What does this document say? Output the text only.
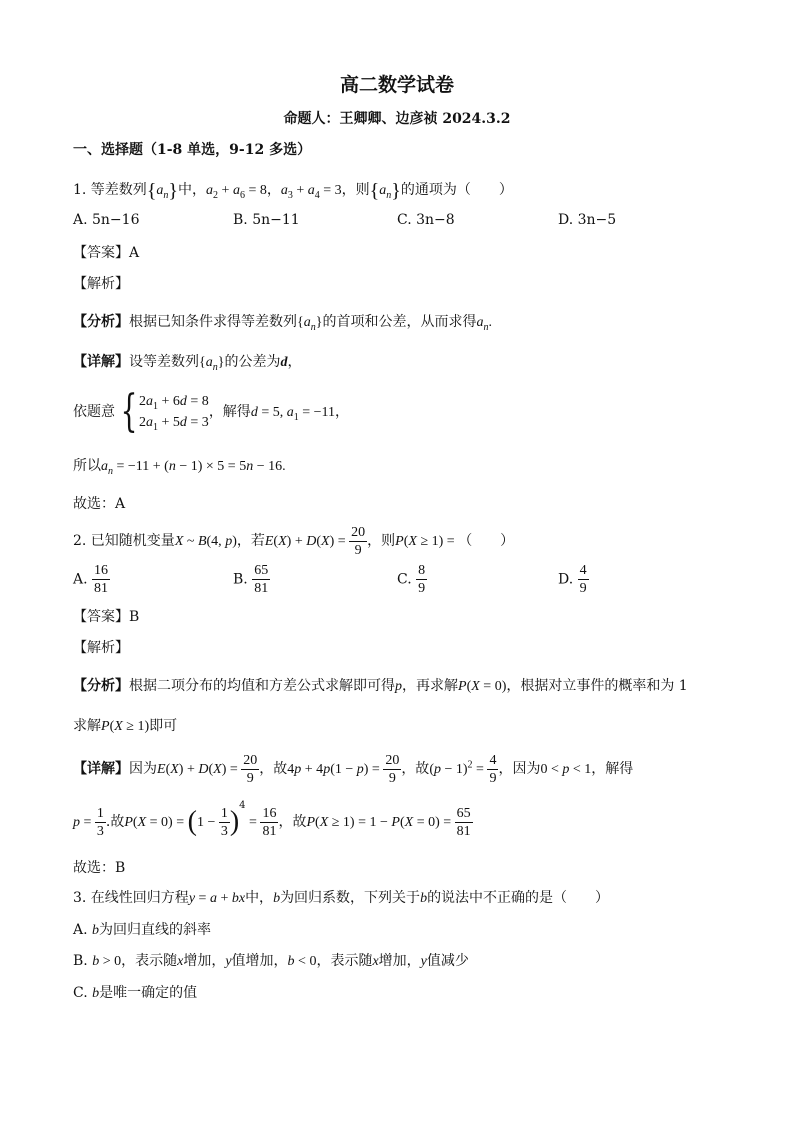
高二数学试卷
命题人：王卿卿、边彦祯 2024.3.2
一、选择题（1-8 单选，9-12 多选）
1. 等差数列$\{a_n\}$中，$a_2 + a_6 = 8$，$a_3 + a_4 = 3$，则$\{a_n\}$的通项为（　　）
A. 5n−16	B. 5n−11	C. 3n−8	D. 3n−5
【答案】A
【解析】
【分析】根据已知条件求得等差数列$\{a_n\}$的首项和公差，从而求得$a_n$.
【详解】设等差数列$\{a_n\}$的公差为d，
依题意 { $2a_1 + 6d = 8$
$2a_1 + 5d = 3$
，解得d = 5, $a_1 = -11$，
所以$a_n = -11 + (n - 1) \times 5 = 5n - 16$.
故选：A
2. 已知随机变量X ~ B(4, p)，若$E(X) + D(X) = \frac{20}{9}$ ，则P(X ≥ 1) = （　　）
A. $\frac{16}{81}$	B. $\frac{65}{81}$	C. $\frac{8}{9}$	D. $\frac{4}{9}$
【答案】B
【解析】
【分析】根据二项分布的均值和方差公式求解即可得p，再求解P(X = 0)，根据对立事件的概率和为 1
求解P(X ≥ 1)即可
【详解】因为$E(X) + D(X) = \frac{20}{9}$ ，故$4p + 4p(1 - p) = \frac{20}{9}$ ，故$(p - 1)^2 = \frac{4}{9}$ ，因为0 < p < 1，解得
$p = \frac{1}{3}$ .故$P(X = 0) = (1 - \frac{1}{3} )^4 = \frac{16}{81}$ ，故$P(X \ge 1) = 1 - P(X = 0) = \frac{65}{81}$
故选：B
3. 在线性回归方程y = a + bx中，b为回归系数，下列关于b的说法中不正确的是（　　）
A. b为回归直线的斜率
B. b > 0，表示随x增加，y值增加，b < 0，表示随x增加，y值减少
C. b是唯一确定的值
